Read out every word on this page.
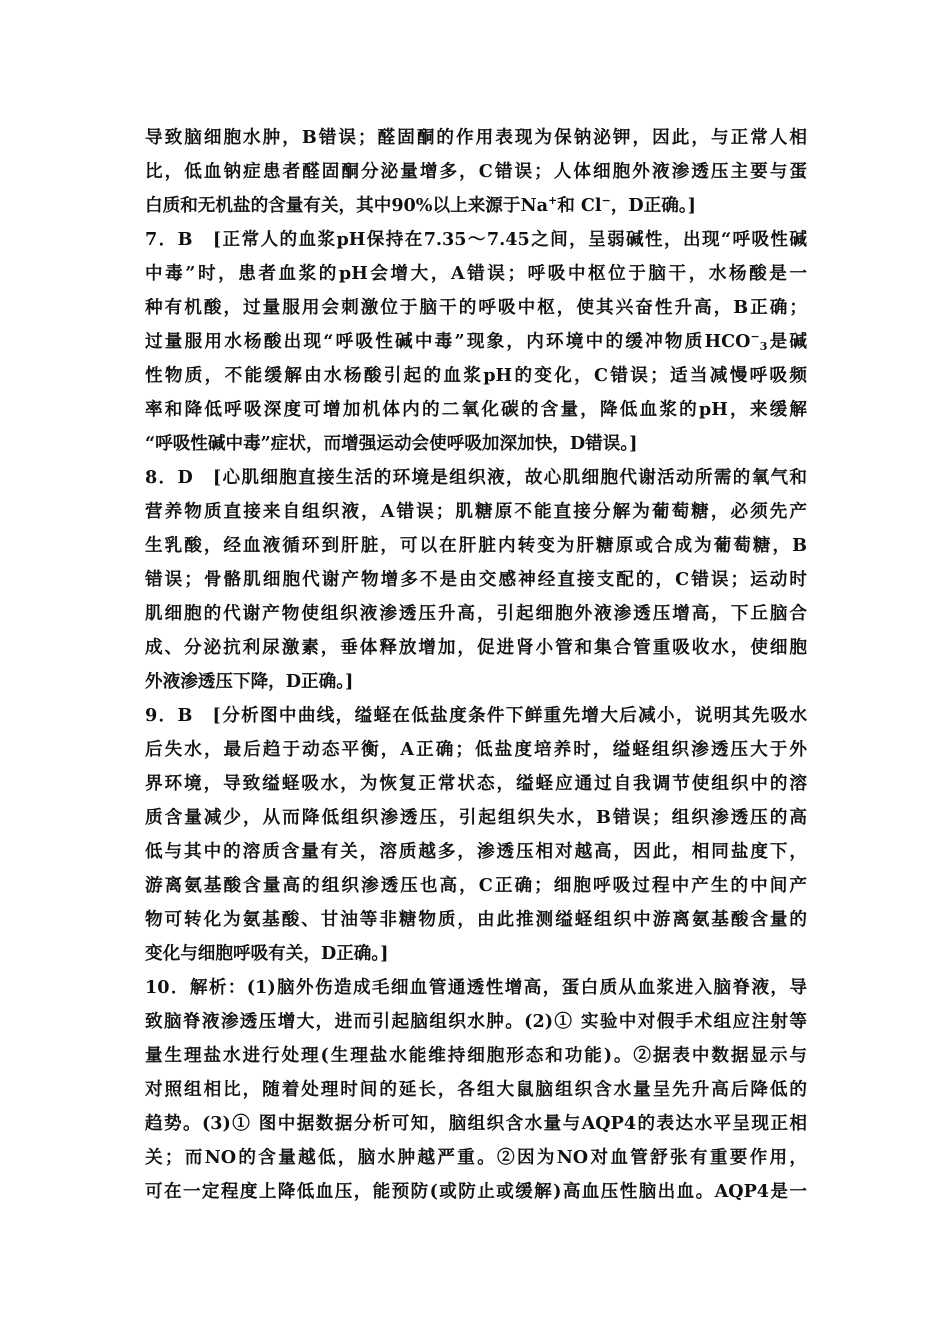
导致脑细胞水肿，B错误；醛固酮的作用表现为保钠泌钾，因此，与正常人相
比，低血钠症患者醛固酮分泌量增多，C错误；人体细胞外液渗透压主要与蛋
白质和无机盐的含量有关，其中90%以上来源于Na+和 Cl−，D正确。]
7．B　[正常人的血浆pH保持在7.35～7.45之间，呈弱碱性，出现“呼吸性碱
中毒”时，患者血浆的pH会增大，A错误；呼吸中枢位于脑干，水杨酸是一
种有机酸，过量服用会刺激位于脑干的呼吸中枢，使其兴奋性升高，B正确；
过量服用水杨酸出现“呼吸性碱中毒”现象，内环境中的缓冲物质$HCO^-_3$是碱
性物质，不能缓解由水杨酸引起的血浆pH的变化，C错误；适当减慢呼吸频
率和降低呼吸深度可增加机体内的二氧化碳的含量，降低血浆的pH，来缓解
“呼吸性碱中毒”症状，而增强运动会使呼吸加深加快，D错误。]
8．D　[心肌细胞直接生活的环境是组织液，故心肌细胞代谢活动所需的氧气和
营养物质直接来自组织液，A错误；肌糖原不能直接分解为葡萄糖，必须先产
生乳酸，经血液循环到肝脏，可以在肝脏内转变为肝糖原或合成为葡萄糖，B
错误；骨骼肌细胞代谢产物增多不是由交感神经直接支配的，C错误；运动时
肌细胞的代谢产物使组织液渗透压升高，引起细胞外液渗透压增高，下丘脑合
成、分泌抗利尿激素，垂体释放增加，促进肾小管和集合管重吸收水，使细胞
外液渗透压下降，D正确。]
9．B　[分析图中曲线，缢蛏在低盐度条件下鲜重先增大后减小，说明其先吸水
后失水，最后趋于动态平衡，A正确；低盐度培养时，缢蛏组织渗透压大于外
界环境，导致缢蛏吸水，为恢复正常状态，缢蛏应通过自我调节使组织中的溶
质含量减少，从而降低组织渗透压，引起组织失水，B错误；组织渗透压的高
低与其中的溶质含量有关，溶质越多，渗透压相对越高，因此，相同盐度下，
游离氨基酸含量高的组织渗透压也高，C正确；细胞呼吸过程中产生的中间产
物可转化为氨基酸、甘油等非糖物质，由此推测缢蛏组织中游离氨基酸含量的
变化与细胞呼吸有关，D正确。]
10．解析：(1)脑外伤造成毛细血管通透性增高，蛋白质从血浆进入脑脊液，导
致脑脊液渗透压增大，进而引起脑组织水肿。(2)① 实验中对假手术组应注射等
量生理盐水进行处理(生理盐水能维持细胞形态和功能)。②据表中数据显示与
对照组相比，随着处理时间的延长，各组大鼠脑组织含水量呈先升高后降低的
趋势。(3)① 图中据数据分析可知，脑组织含水量与AQP4的表达水平呈现正相
关；而NO的含量越低，脑水肿越严重。②因为NO对血管舒张有重要作用，
可在一定程度上降低血压，能预防(或防止或缓解)高血压性脑出血。AQP4是一
